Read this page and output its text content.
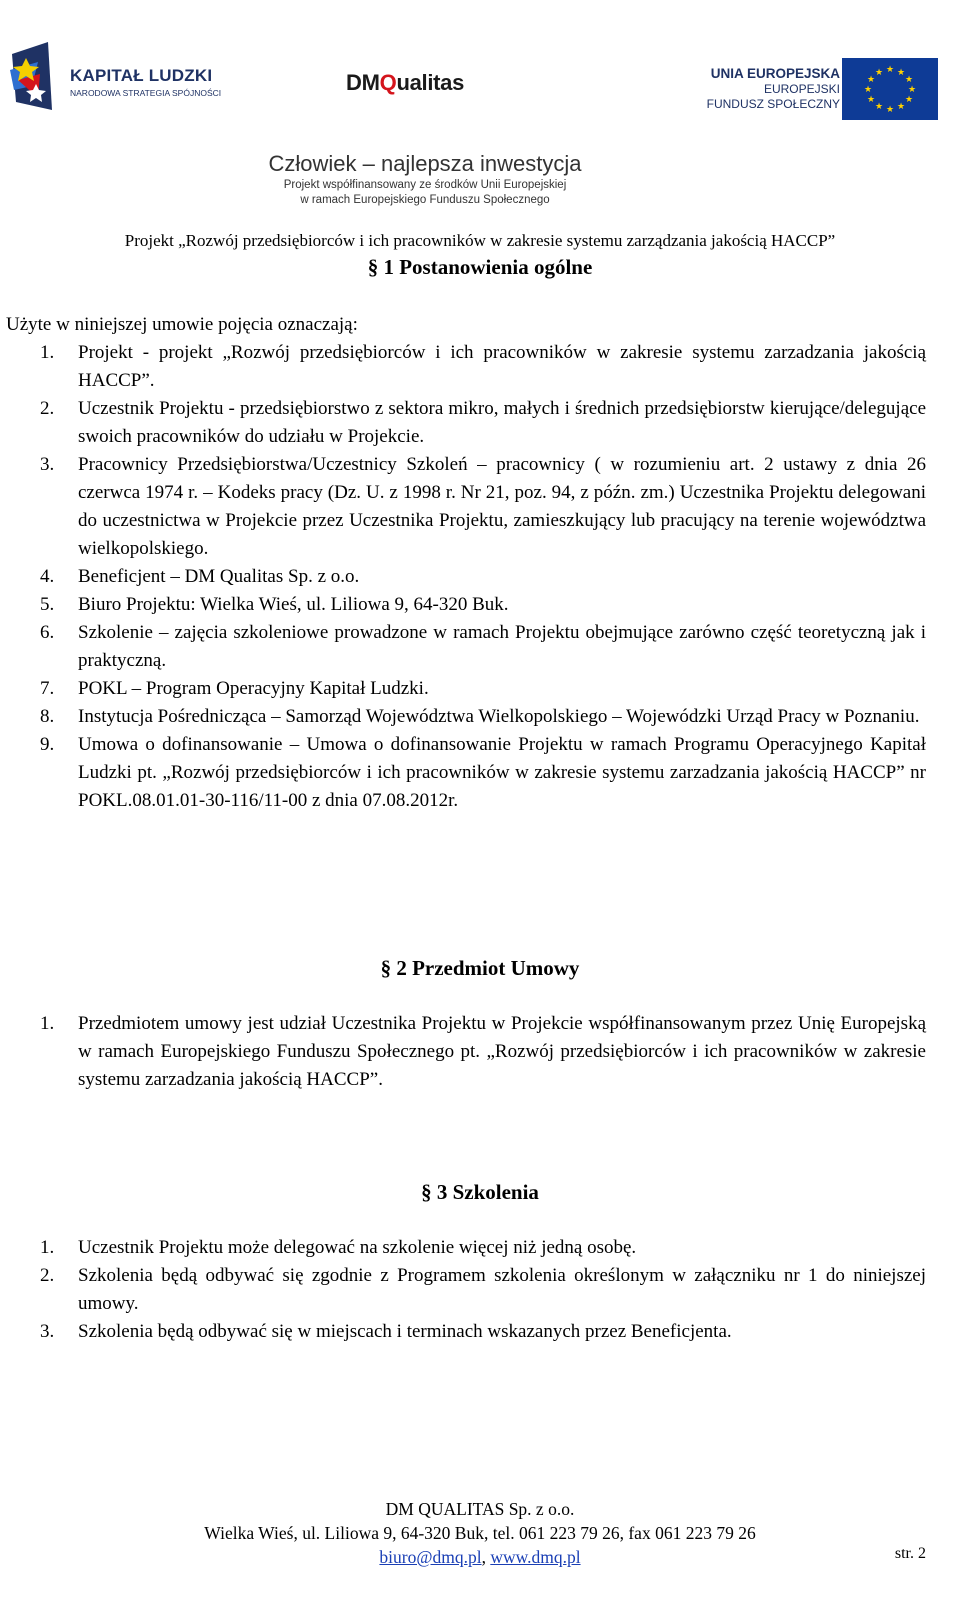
KAPITAŁ LUDZKI
NARODOWA STRATEGIA SPÓJNOŚCI	DMQualitas	UNIA EUROPEJSKA
EUROPEJSKI
FUNDUSZ SPOŁECZNY
★ ★
★
★
★
★
★
★
★
★
★
★
Człowiek – najlepsza inwestycja
Projekt współfinansowany ze środków Unii Europejskiej
w ramach Europejskiego Funduszu Społecznego
Projekt „Rozwój przedsiębiorców i ich pracowników w zakresie systemu zarządzania jakością HACCP”
§ 1 Postanowienia ogólne
Użyte w niniejszej umowie pojęcia oznaczają:
1.	Projekt - projekt „Rozwój przedsiębiorców i ich pracowników w zakresie systemu zarzadzania jakością HACCP”.
2.	Uczestnik Projektu - przedsiębiorstwo z sektora mikro, małych i średnich przedsiębiorstw kierujące/delegujące swoich pracowników do udziału w Projekcie.
3.	Pracownicy Przedsiębiorstwa/Uczestnicy Szkoleń – pracownicy ( w rozumieniu art. 2 ustawy z dnia 26 czerwca 1974 r. – Kodeks pracy (Dz. U. z 1998 r. Nr 21, poz. 94, z późn. zm.) Uczestnika Projektu delegowani do uczestnictwa w Projekcie przez Uczestnika Projektu, zamieszkujący lub pracujący na terenie województwa wielkopolskiego.
4.	Beneficjent – DM Qualitas Sp. z o.o.
5.	Biuro Projektu: Wielka Wieś, ul. Liliowa 9, 64-320 Buk.
6.	Szkolenie – zajęcia szkoleniowe prowadzone w ramach Projektu obejmujące zarówno część teoretyczną jak i praktyczną.
7.	POKL – Program Operacyjny Kapitał Ludzki.
8.	Instytucja Pośrednicząca – Samorząd Województwa Wielkopolskiego – Wojewódzki Urząd Pracy w Poznaniu.
9.	Umowa o dofinansowanie – Umowa o dofinansowanie Projektu w ramach Programu Operacyjnego Kapitał Ludzki pt. „Rozwój przedsiębiorców i ich pracowników w zakresie systemu zarzadzania jakością HACCP” nr POKL.08.01.01-30-116/11-00 z dnia 07.08.2012r.
§ 2 Przedmiot Umowy
1.	Przedmiotem umowy jest udział Uczestnika Projektu w Projekcie współfinansowanym przez Unię Europejską w ramach Europejskiego Funduszu Społecznego pt. „Rozwój przedsiębiorców i ich pracowników w zakresie systemu zarzadzania jakością HACCP”.
§ 3 Szkolenia
1.	Uczestnik Projektu może delegować na szkolenie więcej niż jedną osobę.
2.	Szkolenia będą odbywać się zgodnie z Programem szkolenia określonym w załączniku nr 1 do niniejszej umowy.
3.	Szkolenia będą odbywać się w miejscach i terminach wskazanych przez Beneficjenta.
DM QUALITAS Sp. z o.o.
Wielka Wieś, ul. Liliowa 9, 64-320 Buk, tel. 061 223 79 26, fax 061 223 79 26
biuro@dmq.pl, www.dmq.pl	str. 2
